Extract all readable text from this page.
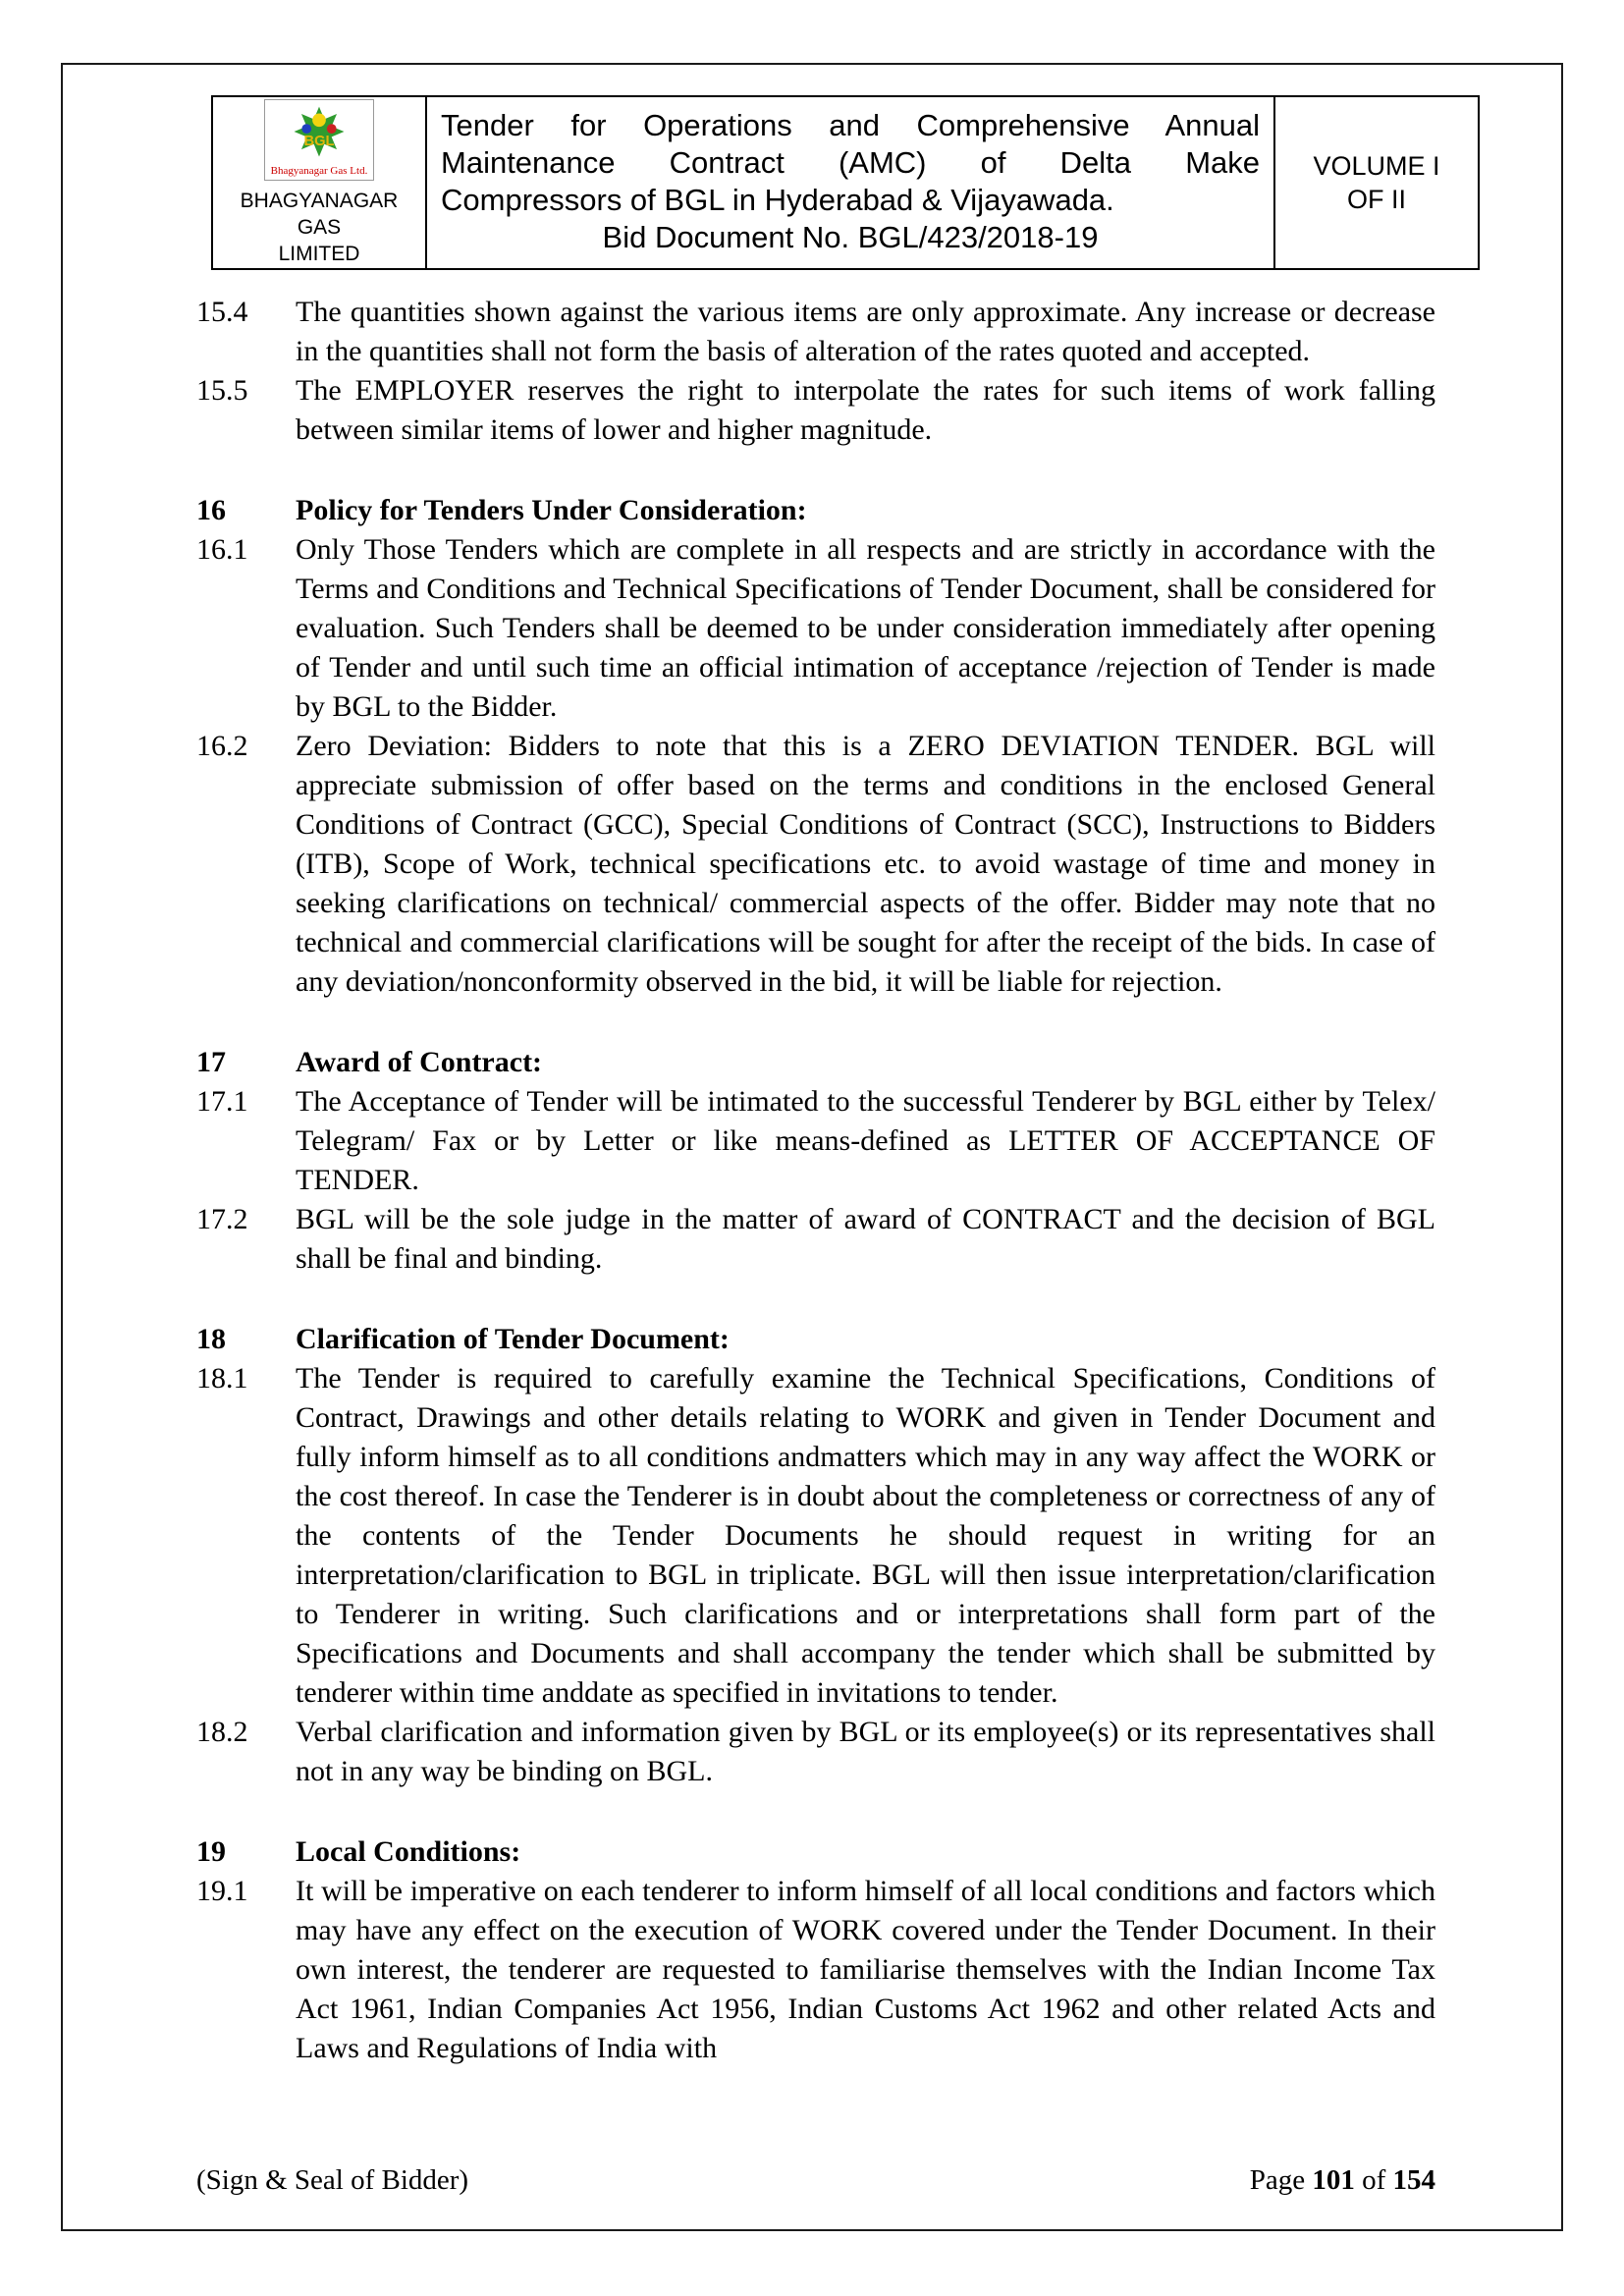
BGL
Bhagyanagar Gas Ltd.
BHAGYANAGAR GAS
LIMITED
Tender for Operations and Comprehensive Annual
Maintenance Contract (AMC) of Delta Make
Compressors of BGL in Hyderabad & Vijayawada.
Bid Document No. BGL/423/2018-19
VOLUME I
OF II
15.4 The quantities shown against the various items are only approximate. Any increase or decrease in the quantities shall not form the basis of alteration of the rates quoted and accepted.
15.5 The EMPLOYER reserves the right to interpolate the rates for such items of work falling between similar items of lower and higher magnitude.
16 Policy for Tenders Under Consideration:
16.1 Only Those Tenders which are complete in all respects and are strictly in accordance with the Terms and Conditions and Technical Specifications of Tender Document, shall be considered for evaluation. Such Tenders shall be deemed to be under consideration immediately after opening of Tender and until such time an official intimation of acceptance /rejection of Tender is made by BGL to the Bidder.
16.2 Zero Deviation: Bidders to note that this is a ZERO DEVIATION TENDER. BGL will appreciate submission of offer based on the terms and conditions in the enclosed General Conditions of Contract (GCC), Special Conditions of Contract (SCC), Instructions to Bidders (ITB), Scope of Work, technical specifications etc. to avoid wastage of time and money in seeking clarifications on technical/ commercial aspects of the offer. Bidder may note that no technical and commercial clarifications will be sought for after the receipt of the bids. In case of any deviation/nonconformity observed in the bid, it will be liable for rejection.
17 Award of Contract:
17.1 The Acceptance of Tender will be intimated to the successful Tenderer by BGL either by Telex/ Telegram/ Fax or by Letter or like means-defined as LETTER OF ACCEPTANCE OF TENDER.
17.2 BGL will be the sole judge in the matter of award of CONTRACT and the decision of BGL shall be final and binding.
18 Clarification of Tender Document:
18.1 The Tender is required to carefully examine the Technical Specifications, Conditions of Contract, Drawings and other details relating to WORK and given in Tender Document and fully inform himself as to all conditions andmatters which may in any way affect the WORK or the cost thereof. In case the Tenderer is in doubt about the completeness or correctness of any of the contents of the Tender Documents he should request in writing for an interpretation/clarification to BGL in triplicate. BGL will then issue interpretation/clarification to Tenderer in writing. Such clarifications and or interpretations shall form part of the Specifications and Documents and shall accompany the tender which shall be submitted by tenderer within time anddate as specified in invitations to tender.
18.2 Verbal clarification and information given by BGL or its employee(s) or its representatives shall not in any way be binding on BGL.
19 Local Conditions:
19.1 It will be imperative on each tenderer to inform himself of all local conditions and factors which may have any effect on the execution of WORK covered under the Tender Document. In their own interest, the tenderer are requested to familiarise themselves with the Indian Income Tax Act 1961, Indian Companies Act 1956, Indian Customs Act 1962 and other related Acts and Laws and Regulations of India with
(Sign & Seal of Bidder)	Page 101 of 154
